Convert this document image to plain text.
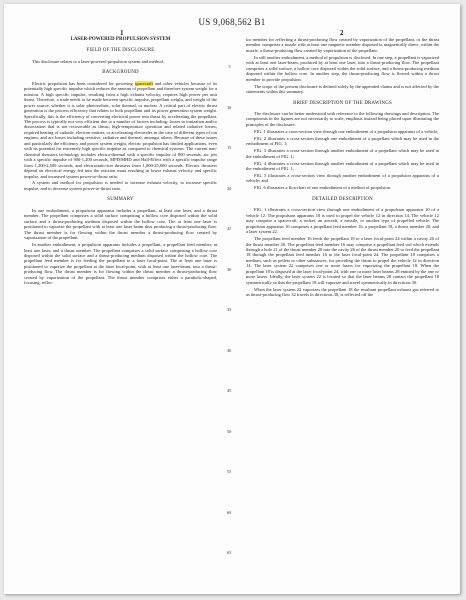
US 9,068,562 B1
1	2

LASER-POWERED PROPULSION SYSTEM

FIELD OF THE DISCLOSURE

This disclosure relates to a laser-powered propulsion system and method.

BACKGROUND

Electric propulsion has been considered for powering spacecraft and other vehicles because of its potentially high specific impulse which reduces the amount of propellant and therefore system weight for a mission. A high specific impulse, resulting from a high exhaust velocity, requires high power per unit thrust. Therefore, a trade needs to be made between specific impulse, propellant weight, and weight of the power source, whether it is solar photovoltaic, solar thermal, or nuclear. A critical part of electric thrust generation is the process efficiency that relates to both propellant and its power generation system weight. Specifically, this is the efficiency of converting electrical power into thrust by accelerating the propellant. The process is typically not very efficient due to a number of factors including: losses to ionization and/or dissociation that is not recoverable as thrust; high-temperature operation and related radiative losses; required heating of cathode, electron emitter, or accelerating electrodes in the case of different types of ion engines; and arc losses including resistive, radiative and thermal, amongst others. Because of these issues and particularly the efficiency and power system weight, electric propulsion has limited applications, even with its potential for extremely high specific impulse as compared to chemical systems. The current non-chemical thrusters technology includes electro-thermal with a specific impulse of 800 seconds, arc jets with a specific impulse of 900-1,200 seconds, MPD/MHD and Hall-Effect with a specific impulse range from 1,200-2,500 seconds, and electrostatic-ion thrusters from 1,000-25,000 seconds. Electric thrusters depend on electrical energy fed into the reaction mass resulting in lower exhaust velocity and specific impulse, and increased system power-to-thrust ratio.

A system and method for propulsion is needed to increase exhaust velocity, to increase specific impulse, and to decrease system power-to-thrust ratio.

SUMMARY

In one embodiment, a propulsion apparatus includes a propellant, at least one laser, and a thrust member. The propellant comprises a solid surface comprising a hollow core disposed within the solid surface and a thrust-producing medium disposed within the hollow core. The at least one laser is positioned to vaporize the propellant with at least one laser beam thus producing a thrust-producing flow. The thrust member is for flowing within the thrust member a thrust-producing flow created by vaporization of the propellant.

In another embodiment, a propulsion apparatus includes a propellant, a propellant feed member, at least one laser, and a thrust member. The propellant comprises a solid surface comprising a hollow core disposed within the solid surface and a thrust-producing medium disposed within the hollow core. The propellant feed member is for feeding the propellant to a laser focal-point. The at least one laser is positioned to vaporize the propellant at the laser focal-point, with at least one laser-beam, into a thrust-producing flow. The thrust member is for flowing within the thrust member a thrust-producing flow created by vaporization of the propellant. The thrust member comprises either a parabolic-shaped, focusing, reflec-

tor member for reflecting a thrust-producing flow created by vaporization of the propellant, or the thrust member comprises a nozzle with at least one magnetic member disposed to magnetically direct, within the nozzle, a thrust-producing flow created by vaporization of the propellant.

In still another embodiment, a method of propulsion is disclosed. In one step, a propellant is vaporized with at least one laser-beam, produced by at least one laser, into a thrust-producing flow. The propellant comprises a solid surface, a hollow core disposed within the solid surface, and a thrust-producing medium disposed within the hollow core. In another step, the thrust-producing flow is flowed within a thrust member to provide propulsion.

The scope of the present disclosure is defined solely by the appended claims and is not affected by the statements within this summary.

BRIEF DESCRIPTION OF THE DRAWINGS

The disclosure can be better understood with reference to the following drawings and description. The components in the figures are not necessarily to scale, emphasis instead being placed upon illustrating the principles of the disclosure.

FIG. 1 illustrates a cross-section view through one embodiment of a propulsion apparatus of a vehicle;

FIG. 2 illustrates a cross-section through one embodiment of a propellant which may be used in the embodiment of FIG. 1;

FIG. 3 illustrates a cross-section through another embodiment of a propellant which may be used in the embodiment of FIG. 1;

FIG. 4 illustrates a cross-section through another embodiment of a propellant which may be used in the embodiment of FIG. 1;

FIG. 5 illustrates a cross-section view through another embodiment of a propulsion apparatus of a vehicle; and

FIG. 6 illustrates a flowchart of one embodiment of a method of propulsion.

DETAILED DESCRIPTION

FIG. 1 illustrates a cross-section view through one embodiment of a propulsion apparatus 10 of a vehicle 12. The propulsion apparatus 10 is used to propel the vehicle 12 in direction 14. The vehicle 12 may comprise a spacecraft, a rocket, an aircraft, a missile, or another type of propelled vehicle. The propulsion apparatus 10 comprises a propellant feed member 16, a propellant 18, a thrust member 20, and a laser system 22.

The propellant feed member 16 feeds the propellant 18 to a laser focal-point 24 within a cavity 26 of the thrust member 20. The propellant feed member 16 may comprise a propellant feed rod which extends through a hole 21 of the thrust member 20 into the cavity 26 of the thrust member 20 to feed the propellant 18 through the propellant feed member 16 to the laser focal-point 24. The propellant 18 comprises a medium, such as pellets or other substances, for providing the thrust to propel the vehicle 12 in direction 14. The laser system 22 comprises one or more lasers for vaporizing the propellant 18. When the propellant 18 is disposed at the laser focal-point 24, with one or more laser beams 28 emitted by the one or more lasers. Ideally, the laser system 22 is located so that the laser beams 28 contact the propellant 18 symmetrically so that the propellant 18 will vaporize and travel symmetrically in directions 30.

When the laser system 22 vaporizes the propellant 18 the resultant propellant exhaust gas referred to as thrust-producing flow 32 travels in directions 30, is reflected off the

5
10
15
20
25
30
35
40
45
50
55
60
65
